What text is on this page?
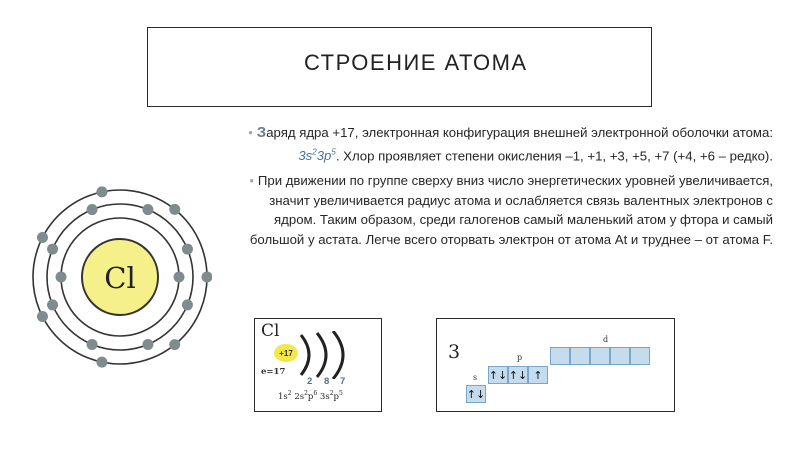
СТРОЕНИЕ АТОМА
• Заряд ядра +17, электронная конфигурация внешней электронной оболочки атома: $3s^23p^5$. Хлор проявляет степени окисления –1, +1, +3, +5, +7 (+4, +6 – редко).
• При движении по группе сверху вниз число энергетических уровней увеличивается, значит увеличивается радиус атома и ослабляется связь валентных электронов с ядром. Таким образом, среди галогенов самый маленький атом у фтора и самый большой у астата. Легче всего оторвать электрон от атома At и труднее – от атома F.
Cl
Cl
+17
e=17
2 8 7
$1s^2$ $2s^2p^6$ $3s^2p^5$
3
s
p
d
↑↓
↑↓ ↑↓ ↑
